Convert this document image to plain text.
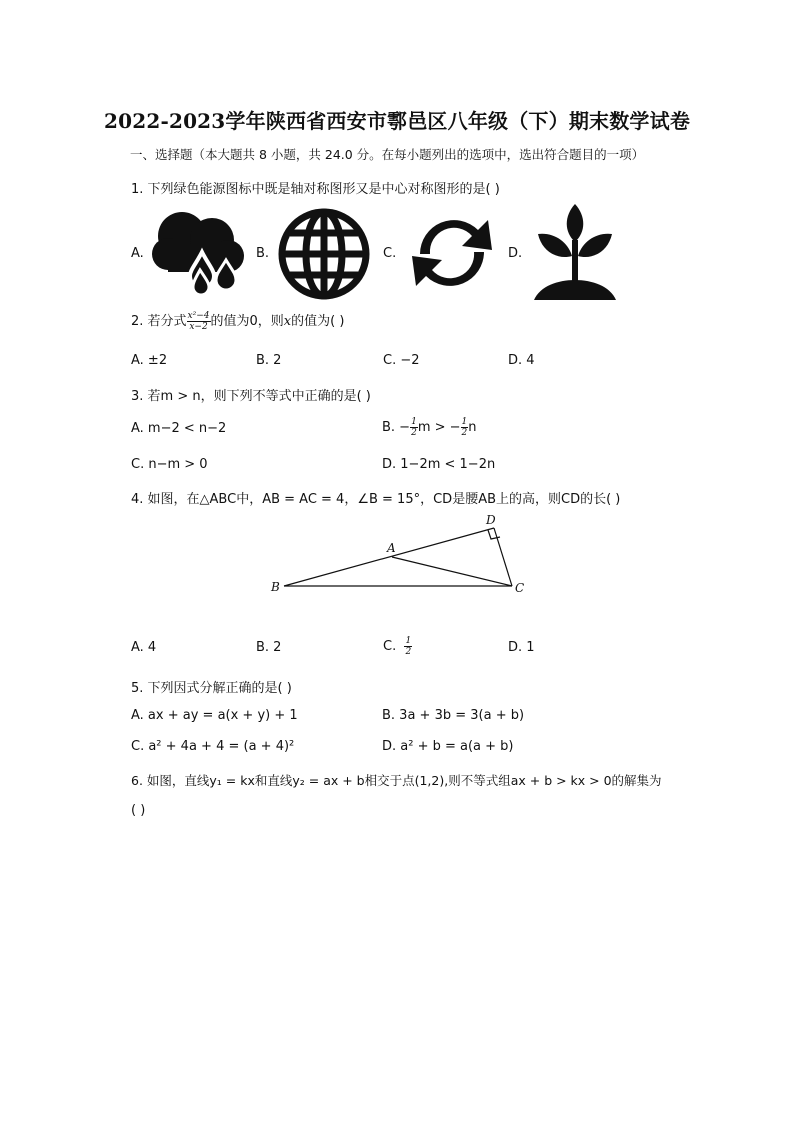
2022-2023学年陕西省西安市鄠邑区八年级（下）期末数学试卷
一、选择题（本大题共 8 小题，共 24.0 分。在每小题列出的选项中，选出符合题目的一项）
1. 下列绿色能源图标中既是轴对称图形又是中心对称图形的是( )
A.	B.	C.	D.
2. 若分式 $\frac{\text{x²−4}}{x-2}$ 的值为0，则x的值为( )
A. ±2	B. 2	C. −2	D. 4
3. 若m > n，则下列不等式中正确的是( )
A. m−2 < n−2	B. − $\frac{1}{2}$ m > − $\frac{1}{2}$ n
C. n−m > 0	D. 1−2m < 1−2n
4. 如图，在△ABC中，AB = AC = 4，∠B = 15°，CD是腰AB上的高，则CD的长( )
A
B	C
D
A. 4	B. 2	C. $\frac{1}{2}$	D. 1
5. 下列因式分解正确的是( )
A. ax + ay = a(x + y) + 1	B. 3a + 3b = 3(a + b)
C. a² + 4a + 4 = (a + 4)²	D. a² + b = a(a + b)
6. 如图，直线y₁ = kx和直线y₂ = ax + b相交于点(1,2),则不等式组ax + b > kx > 0的解集为
( )
